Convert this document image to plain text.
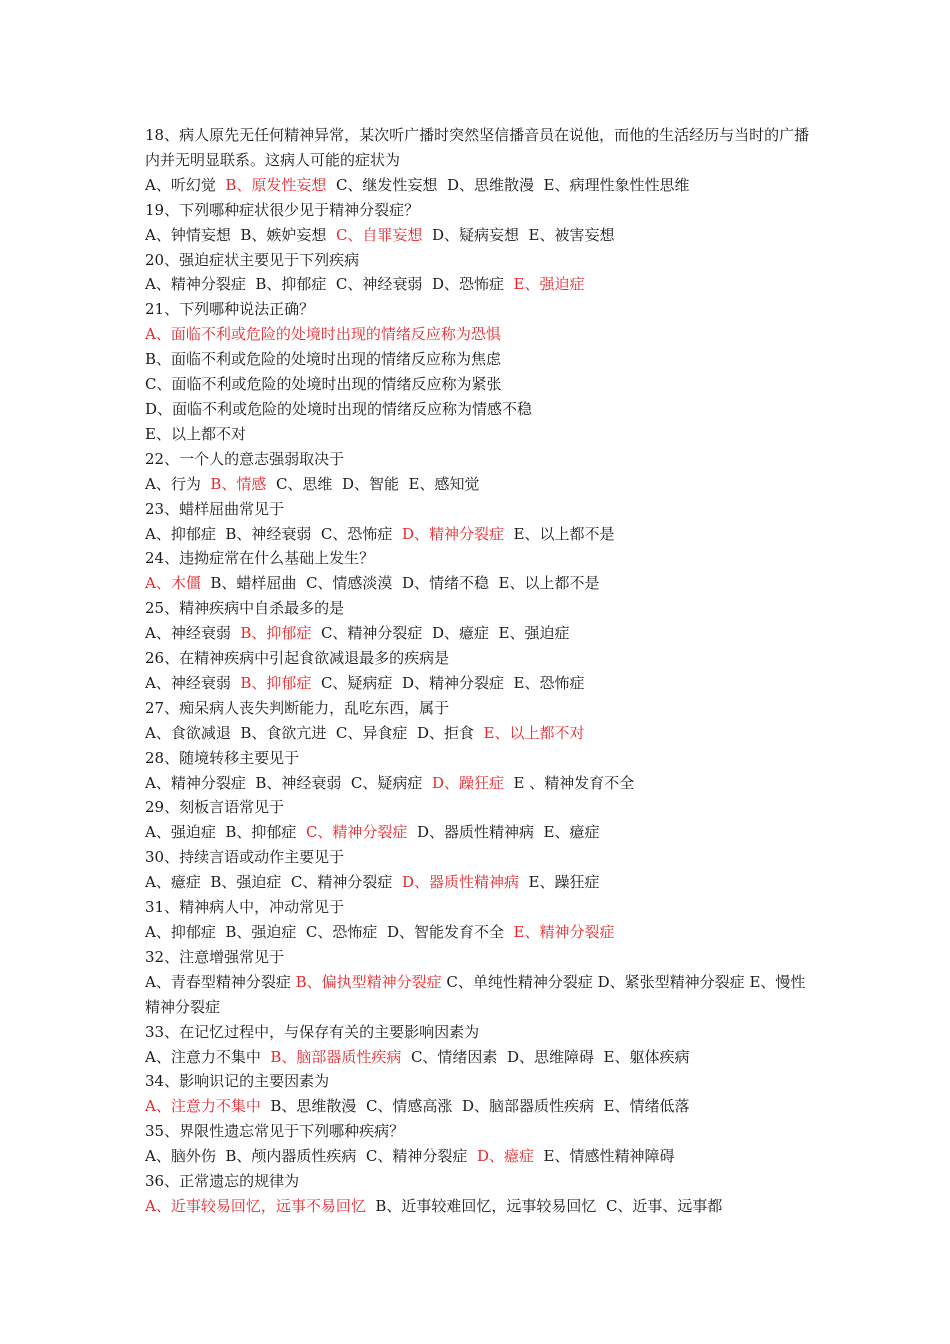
18、病人原先无任何精神异常，某次听广播时突然坚信播音员在说他，而他的生活经历与当时的广播内并无明显联系。这病人可能的症状为
A、听幻觉  B、原发性妄想  C、继发性妄想  D、思维散漫  E、病理性象性性思维
19、下列哪种症状很少见于精神分裂症？
A、钟情妄想  B、嫉妒妄想  C、自罪妄想  D、疑病妄想  E、被害妄想
20、强迫症状主要见于下列疾病
A、精神分裂症  B、抑郁症  C、神经衰弱  D、恐怖症  E、强迫症
21、下列哪种说法正确？
A、面临不利或危险的处境时出现的情绪反应称为恐惧
B、面临不利或危险的处境时出现的情绪反应称为焦虑
C、面临不利或危险的处境时出现的情绪反应称为紧张
D、面临不利或危险的处境时出现的情绪反应称为情感不稳
E、以上都不对
22、一个人的意志强弱取决于
A、行为  B、情感  C、思维  D、智能  E、感知觉
23、蜡样屈曲常见于
A、抑郁症  B、神经衰弱  C、恐怖症  D、精神分裂症  E、以上都不是
24、违拗症常在什么基础上发生？
A、木僵  B、蜡样屈曲  C、情感淡漠  D、情绪不稳  E、以上都不是
25、精神疾病中自杀最多的是
A、神经衰弱  B、抑郁症  C、精神分裂症  D、癔症  E、强迫症
26、在精神疾病中引起食欲减退最多的疾病是
A、神经衰弱  B、抑郁症  C、疑病症  D、精神分裂症  E、恐怖症
27、痴呆病人丧失判断能力，乱吃东西，属于
A、食欲减退  B、食欲亢进  C、异食症  D、拒食  E、以上都不对
28、随境转移主要见于
A、精神分裂症  B、神经衰弱  C、疑病症  D、躁狂症  E 、精神发育不全
29、刻板言语常见于
A、强迫症  B、抑郁症  C、精神分裂症  D、器质性精神病  E、癔症
30、持续言语或动作主要见于
A、癔症  B、强迫症  C、精神分裂症  D、器质性精神病  E、躁狂症
31、精神病人中，冲动常见于
A、抑郁症  B、强迫症  C、恐怖症  D、智能发育不全  E、精神分裂症
32、注意增强常见于
A、青春型精神分裂症 B、偏执型精神分裂症 C、单纯性精神分裂症 D、紧张型精神分裂症 E、慢性精神分裂症
33、在记忆过程中，与保存有关的主要影响因素为
A、注意力不集中  B、脑部器质性疾病  C、情绪因素  D、思维障碍  E、躯体疾病
34、影响识记的主要因素为
A、注意力不集中  B、思维散漫  C、情感高涨  D、脑部器质性疾病  E、情绪低落
35、界限性遗忘常见于下列哪种疾病？
A、脑外伤  B、颅内器质性疾病  C、精神分裂症  D、癔症  E、情感性精神障碍
36、正常遗忘的规律为
A、近事较易回忆，远事不易回忆  B、近事较难回忆，远事较易回忆  C、近事、远事都
